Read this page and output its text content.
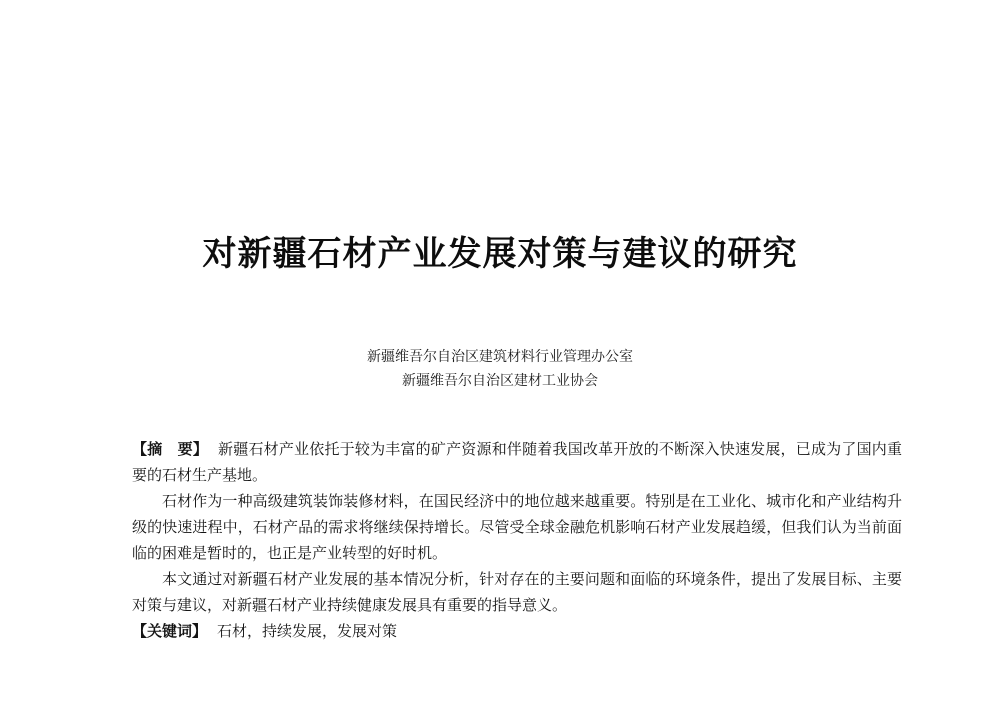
对新疆石材产业发展对策与建议的研究
新疆维吾尔自治区建筑材料行业管理办公室
新疆维吾尔自治区建材工业协会

【摘　要】 新疆石材产业依托于较为丰富的矿产资源和伴随着我国改革开放的不断深入快速发展，已成为了国内重要的石材生产基地。

石材作为一种高级建筑装饰装修材料，在国民经济中的地位越来越重要。特别是在工业化、城市化和产业结构升级的快速进程中，石材产品的需求将继续保持增长。尽管受全球金融危机影响石材产业发展趋缓，但我们认为当前面临的困难是暂时的，也正是产业转型的好时机。

本文通过对新疆石材产业发展的基本情况分析，针对存在的主要问题和面临的环境条件，提出了发展目标、主要对策与建议，对新疆石材产业持续健康发展具有重要的指导意义。

【关键词】 石材，持续发展，发展对策
